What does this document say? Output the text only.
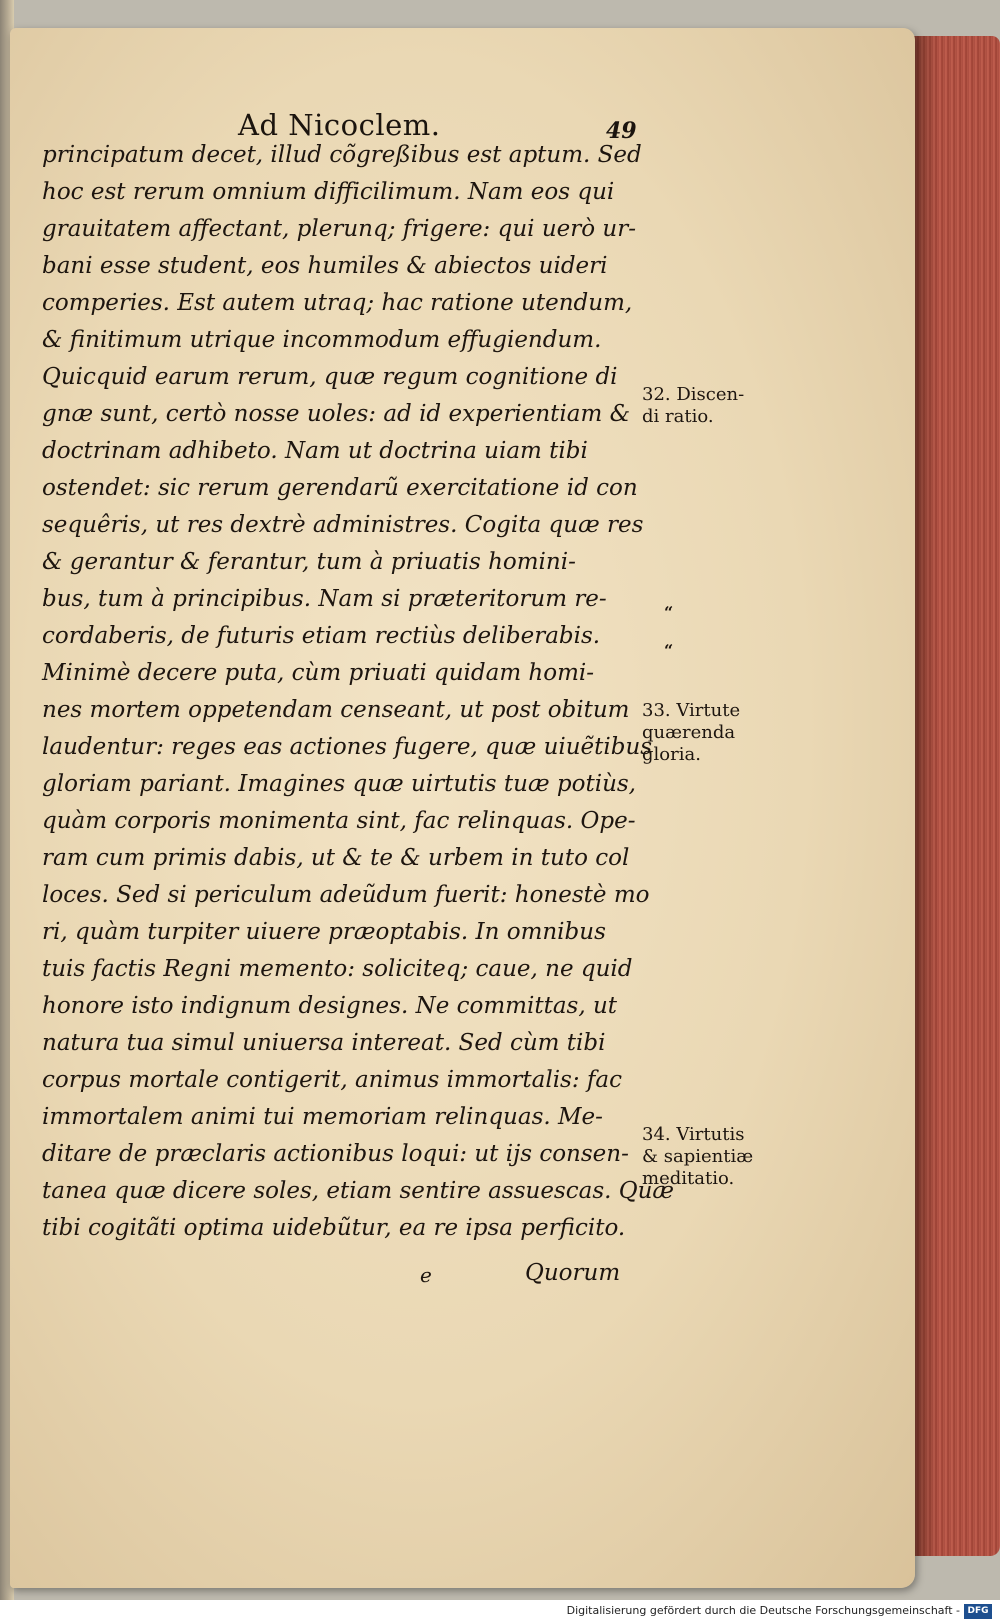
Ad Nicoclem.	49
principatum decet, illud cõgreßibus est aptum. Sed
hoc est rerum omnium difficilimum. Nam eos qui
grauitatem affectant, plerunq; frigere: qui uerò ur-
bani esse student, eos humiles & abiectos uideri
comperies. Est autem utraq; hac ratione utendum,
& finitimum utrique incommodum effugiendum.
Quicquid earum rerum, quæ regum cognitione di
gnæ sunt, certò nosse uoles: ad id experientiam &
doctrinam adhibeto. Nam ut doctrina uiam tibi
ostendet: sic rerum gerendarũ exercitatione id con
sequêris, ut res dextrè administres. Cogita quæ res
& gerantur & ferantur, tum à priuatis homini-
bus, tum à principibus. Nam si præteritorum re-
cordaberis, de futuris etiam rectiùs deliberabis.
Minimè decere puta, cùm priuati quidam homi-
nes mortem oppetendam censeant, ut post obitum
laudentur: reges eas actiones fugere, quæ uiuẽtibus
gloriam pariant. Imagines quæ uirtutis tuæ potiùs,
quàm corporis monimenta sint, fac relinquas. Ope-
ram cum primis dabis, ut & te & urbem in tuto col
loces. Sed si periculum adeũdum fuerit: honestè mo
ri, quàm turpiter uiuere præoptabis. In omnibus
tuis factis Regni memento: soliciteq; caue, ne quid
honore isto indignum designes. Ne committas, ut
natura tua simul uniuersa intereat. Sed cùm tibi
corpus mortale contigerit, animus immortalis: fac
immortalem animi tui memoriam relinquas. Me-
ditare de præclaris actionibus loqui: ut ijs consen-
tanea quæ dicere soles, etiam sentire assuescas. Quæ
tibi cogitãti optima uidebũtur, ea re ipsa perficito.
e	Quorum
32. Discen-
di ratio.
“
“
33. Virtute
quærenda
gloria.
34. Virtutis
& sapientiæ
meditatio.
Digitalisierung gefördert durch die Deutsche Forschungsgemeinschaft - DFG
